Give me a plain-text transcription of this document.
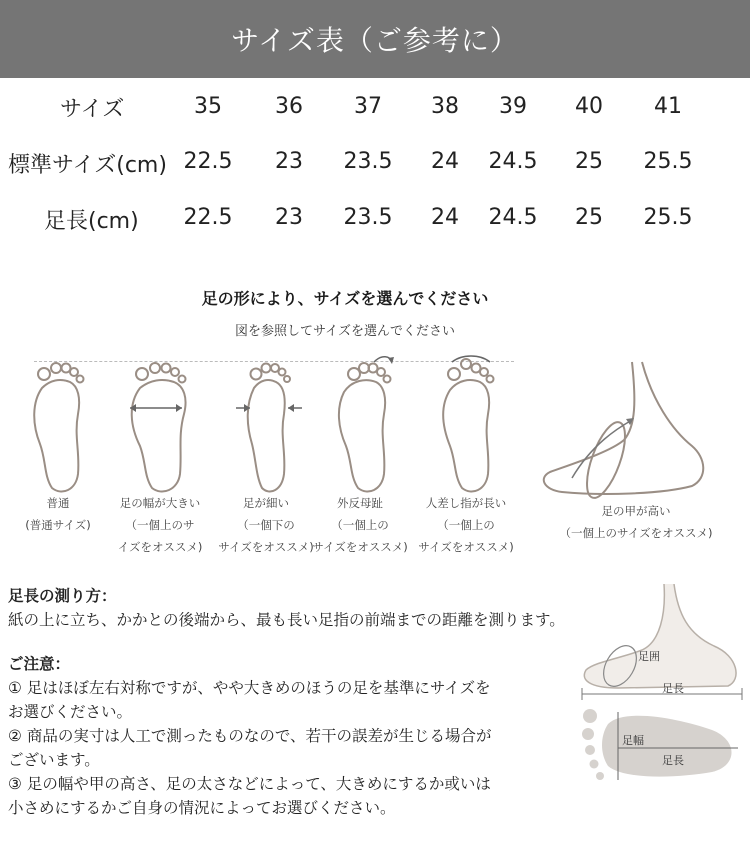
サイズ表（ご参考に）
サイズ	35 36 37 38 39 40 41
標準サイズ(cm) 22.5 23 23.5 24 24.5 25 25.5
足長(cm) 22.5 23 23.5 24 24.5 25 25.5
足の形により、サイズを選んでください
図を参照してサイズを選んでください
普通
(普通サイズ)
足の幅が大きい
（一個上のサ
イズをオススメ)
足が細い
（一個下の
サイズをオススメ)
外反母趾
（一個上の
サイズをオススメ)
人差し指が長い
（一個上の
サイズをオススメ)
足の甲が高い
（一個上のサイズをオススメ)
足長の測り方：
紙の上に立ち、かかとの後端から、最も長い足指の前端までの距離を測ります。
ご注意：
① 足はほぼ左右対称ですが、やや大きめのほうの足を基準にサイズを
お選びください。
② 商品の実寸は人工で測ったものなので、若干の誤差が生じる場合が
ございます。
③ 足の幅や甲の高さ、足の太さなどによって、大きめにするか或いは
小さめにするかご自身の情況によってお選びください。
足囲
足長
足幅
足長
